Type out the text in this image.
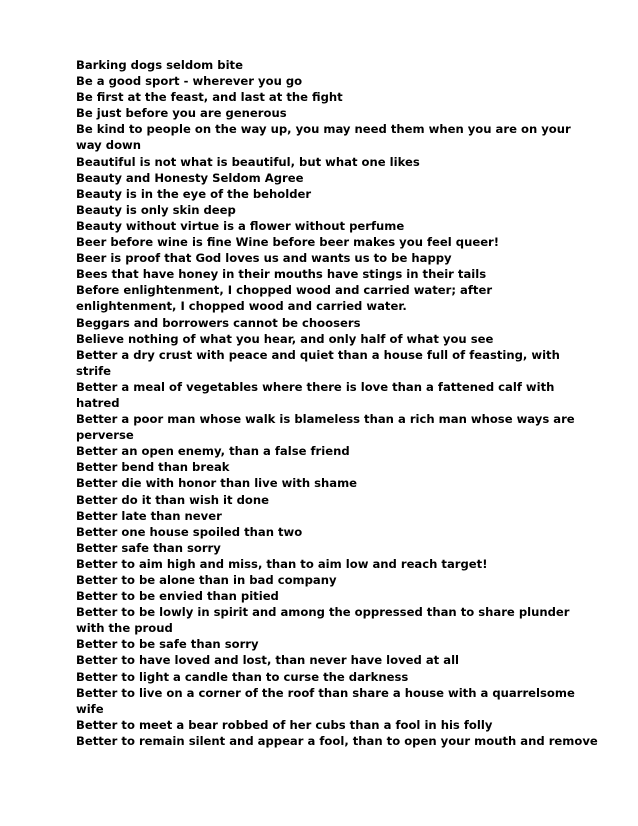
Barking dogs seldom bite
Be a good sport - wherever you go
Be first at the feast, and last at the fight
Be just before you are generous
Be kind to people on the way up, you may need them when you are on your
way down
Beautiful is not what is beautiful, but what one likes
Beauty and Honesty Seldom Agree
Beauty is in the eye of the beholder
Beauty is only skin deep
Beauty without virtue is a flower without perfume
Beer before wine is fine Wine before beer makes you feel queer!
Beer is proof that God loves us and wants us to be happy
Bees that have honey in their mouths have stings in their tails
Before enlightenment, I chopped wood and carried water; after
enlightenment, I chopped wood and carried water.
Beggars and borrowers cannot be choosers
Believe nothing of what you hear, and only half of what you see
Better a dry crust with peace and quiet than a house full of feasting, with
strife
Better a meal of vegetables where there is love than a fattened calf with
hatred
Better a poor man whose walk is blameless than a rich man whose ways are
perverse
Better an open enemy, than a false friend
Better bend than break
Better die with honor than live with shame
Better do it than wish it done
Better late than never
Better one house spoiled than two
Better safe than sorry
Better to aim high and miss, than to aim low and reach target!
Better to be alone than in bad company
Better to be envied than pitied
Better to be lowly in spirit and among the oppressed than to share plunder
with the proud
Better to be safe than sorry
Better to have loved and lost, than never have loved at all
Better to light a candle than to curse the darkness
Better to live on a corner of the roof than share a house with a quarrelsome
wife
Better to meet a bear robbed of her cubs than a fool in his folly
Better to remain silent and appear a fool, than to open your mouth and remove
